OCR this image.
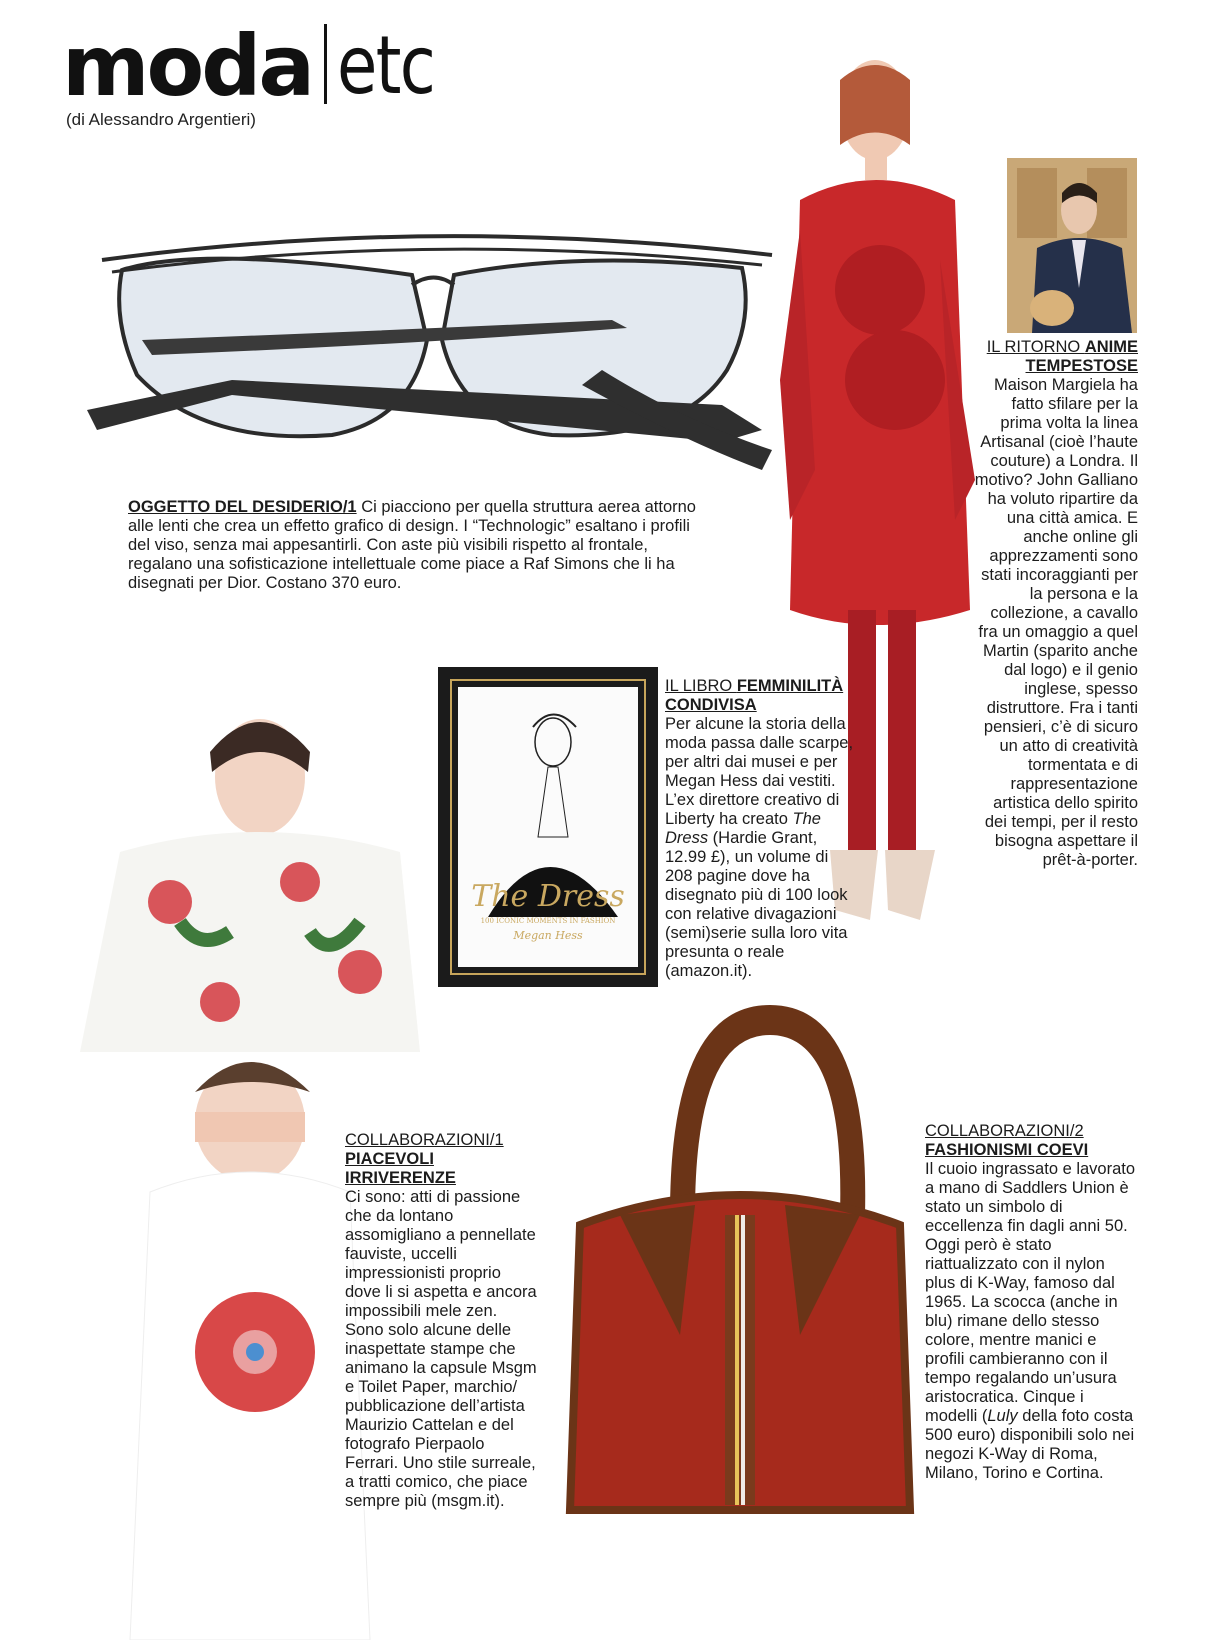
moda etc
(di Alessandro Argentieri)
OGGETTO DEL DESIDERIO/1 Ci piacciono per quella struttura aerea attorno alle lenti che crea un effetto grafico di design. I “Technologic” esaltano i profili del viso, senza mai appesantirli. Con aste più visibili rispetto al frontale, regalano una sofisticazione intellettuale come piace a Raf Simons che li ha disegnati per Dior. Costano 370 euro.
IL RITORNO ANIME TEMPESTOSE
Maison Margiela ha fatto sfilare per la prima volta la linea Artisanal (cioè l’haute couture) a Londra. Il motivo? John Galliano ha voluto ripartire da una città amica. E anche online gli apprezzamenti sono stati incoraggianti per la persona e la collezione, a cavallo fra un omaggio a quel Martin (sparito anche dal logo) e il genio inglese, spesso distruttore. Fra i tanti pensieri, c’è di sicuro un atto di creatività tormentata e di rappresentazione artistica dello spirito dei tempi, per il resto bisogna aspettare il prêt-à-porter.
The Dress
100 ICONIC MOMENTS IN FASHION
Megan Hess
IL LIBRO FEMMINILITÀ CONDIVISA
Per alcune la storia della moda passa dalle scarpe, per altri dai musei e per Megan Hess dai vestiti. L’ex direttore creativo di Liberty ha creato The Dress (Hardie Grant, 12.99 £), un volume di 208 pagine dove ha disegnato più di 100 look con relative divagazioni (semi)serie sulla loro vita presunta o reale (amazon.it).
COLLABORAZIONI/1
PIACEVOLI IRRIVERENZE
Ci sono: atti di passione che da lontano assomigliano a pennellate fauviste, uccelli impressionisti proprio dove li si aspetta e ancora impossibili mele zen. Sono solo alcune delle inaspettate stampe che animano la capsule Msgm e Toilet Paper, marchio/ pubblicazione dell’artista Maurizio Cattelan e del fotografo Pierpaolo Ferrari. Uno stile surreale, a tratti comico, che piace sempre più (msgm.it).
COLLABORAZIONI/2
FASHIONISMI COEVI
Il cuoio ingrassato e lavorato a mano di Saddlers Union è stato un simbolo di eccellenza fin dagli anni 50. Oggi però è stato riattualizzato con il nylon plus di K-Way, famoso dal 1965. La scocca (anche in blu) rimane dello stesso colore, mentre manici e profili cambieranno con il tempo regalando un’usura aristocratica. Cinque i modelli (Luly della foto costa 500 euro) disponibili solo nei negozi K-Way di Roma, Milano, Torino e Cortina.
